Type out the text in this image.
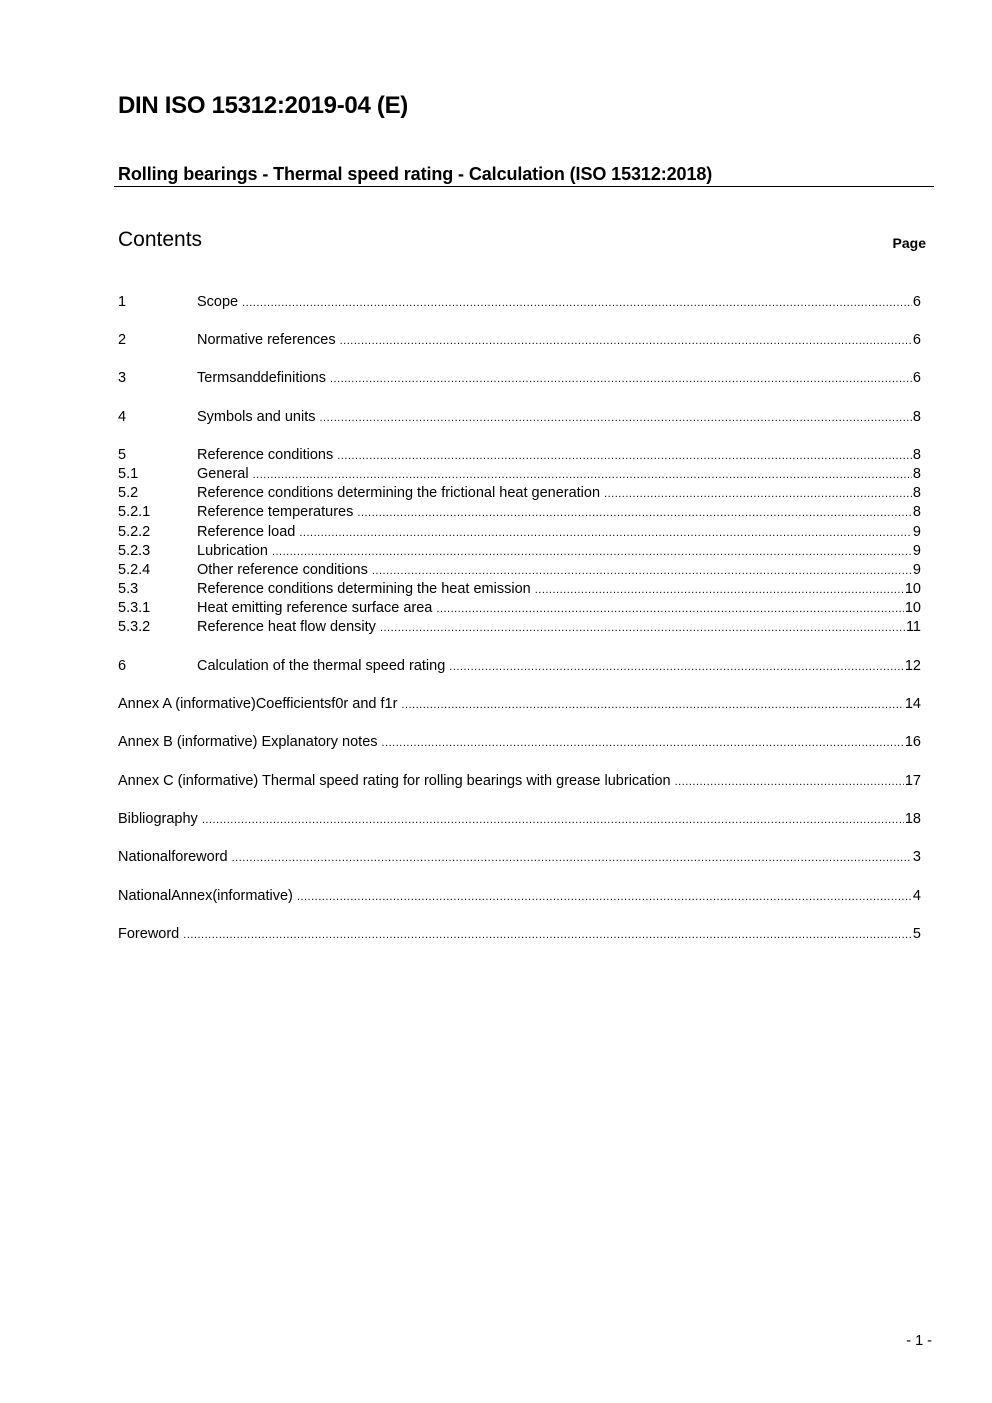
DIN ISO 15312:2019-04 (E)
Rolling bearings - Thermal speed rating - Calculation (ISO 15312:2018)
Contents	Page
1	Scope .....	6
2	Normative references .....	6
3	Termsanddefinitions .....	6
4	Symbols and units .....	8
5	Reference conditions .....	8
5.1	General .....	8
5.2	Reference conditions determining the frictional heat generation .....	8
5.2.1	Reference temperatures .....	8
5.2.2	Reference load .....	9
5.2.3	Lubrication .....	9
5.2.4	Other reference conditions .....	9
5.3	Reference conditions determining the heat emission .....	10
5.3.1	Heat emitting reference surface area .....	10
5.3.2	Reference heat flow density .....	11
6	Calculation of the thermal speed rating .....	12
Annex A (informative)Coefficientsf0r and f1r .....	14
Annex B (informative) Explanatory notes .....	16
Annex C (informative) Thermal speed rating for rolling bearings with grease lubrication .....	17
Bibliography .....	18
Nationalforeword .....	3
NationalAnnex(informative) .....	4
Foreword .....	5
- 1 -
